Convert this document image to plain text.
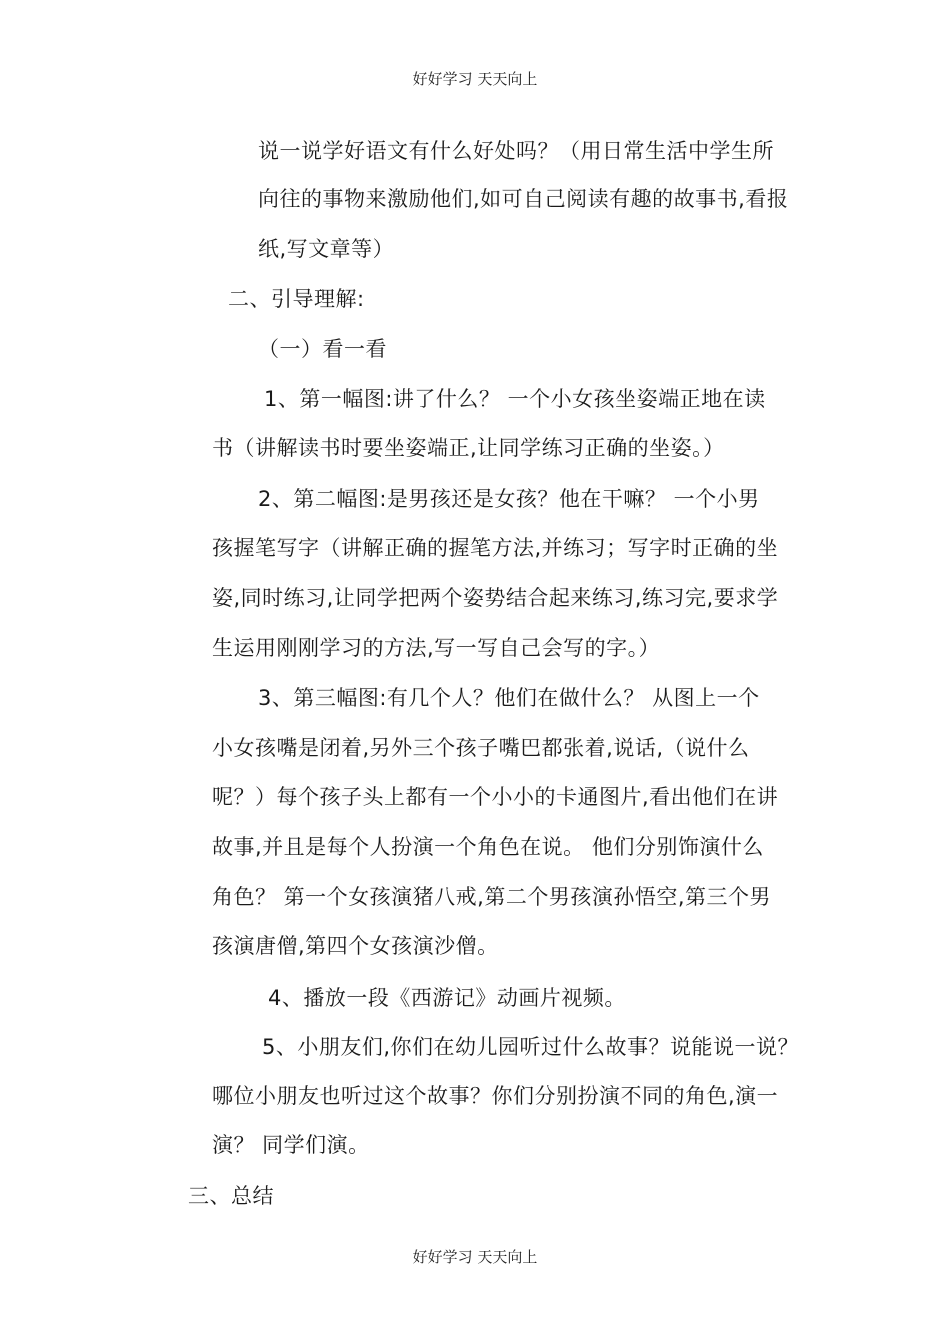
好好学习 天天向上
说一说学好语文有什么好处吗？（用日常生活中学生所
向往的事物来激励他们,如可自己阅读有趣的故事书,看报
纸,写文章等）
二、引导理解:
（一）看一看
1、第一幅图:讲了什么？ 一个小女孩坐姿端正地在读
书（讲解读书时要坐姿端正,让同学练习正确的坐姿。）
2、第二幅图:是男孩还是女孩？他在干嘛？ 一个小男
孩握笔写字（讲解正确的握笔方法,并练习；写字时正确的坐
姿,同时练习,让同学把两个姿势结合起来练习,练习完,要求学
生运用刚刚学习的方法,写一写自己会写的字。）
3、第三幅图:有几个人？他们在做什么？ 从图上一个
小女孩嘴是闭着,另外三个孩子嘴巴都张着,说话,（说什么
呢？）每个孩子头上都有一个小小的卡通图片,看出他们在讲
故事,并且是每个人扮演一个角色在说。 他们分别饰演什么
角色？ 第一个女孩演猪八戒,第二个男孩演孙悟空,第三个男
孩演唐僧,第四个女孩演沙僧。
4、播放一段《西游记》动画片视频。
5、小朋友们,你们在幼儿园听过什么故事？说能说一说？
哪位小朋友也听过这个故事？你们分别扮演不同的角色,演一
演？ 同学们演。
三、总结
好好学习 天天向上
